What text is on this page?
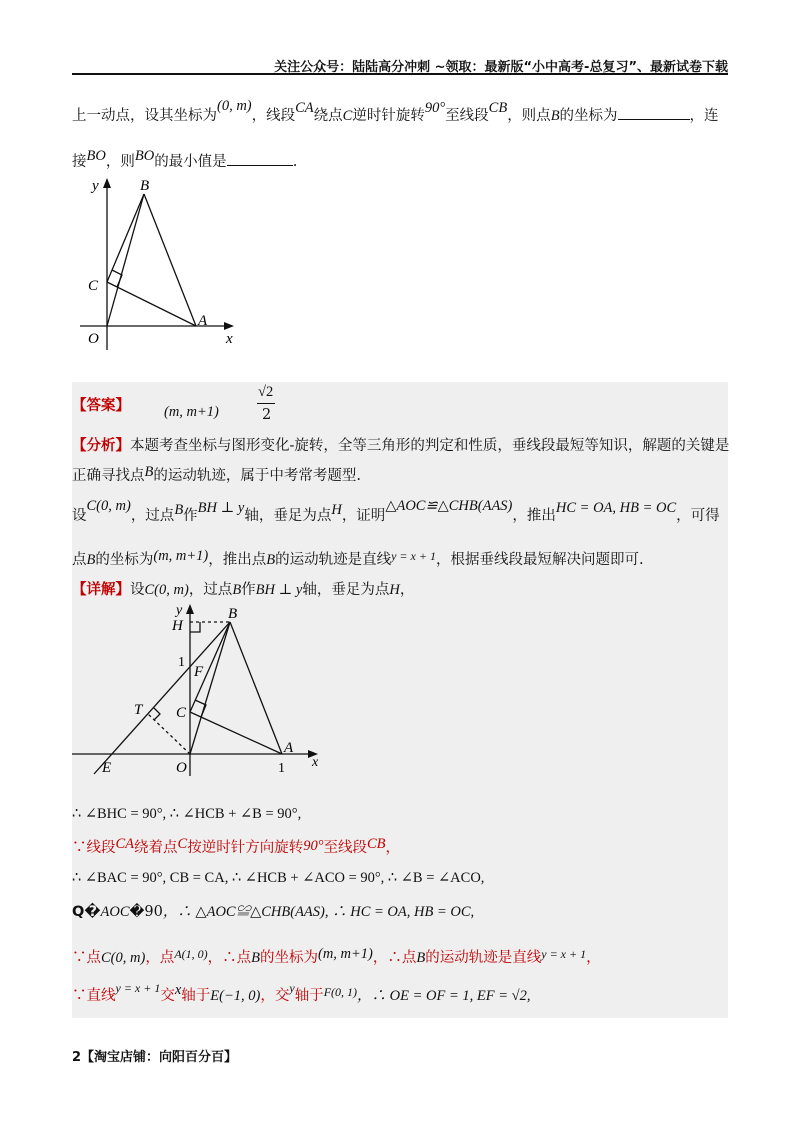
关注公众号：陆陆高分冲刺 ~领取：最新版“小中高考-总复习”、最新试卷下载
上一动点，设其坐标为(0, m)，线段CA绕点C逆时针旋转90°至线段CB，则点B的坐标为	，连
接BO，则BO的最小值是	.
y	B
C
A
O	x
【答案】 (m, m+1)
√2
2
【分析】本题考查坐标与图形变化-旋转，全等三角形的判定和性质，垂线段最短等知识，解题的关键是
正确寻找点B的运动轨迹，属于中考常考题型.
设C(0, m)，过点B作BH ⊥ y轴，垂足为点H，证明△AOC≌△CHB(AAS)，推出HC = OA, HB = OC，可得
点B的坐标为(m, m+1)，推出点B的运动轨迹是直线$^{y = x + 1}$，根据垂线段最短解决问题即可.
【详解】设C(0, m)，过点B作BH ⊥ y轴，垂足为点H，
y	B
H
1
F
T C
A
E	O	1 x
∴ ∠BHC = 90°, ∴ ∠HCB + ∠B = 90°,
∵线段CA绕着点C按逆时针方向旋转90°至线段CB，
∴ ∠BAC = 90°, CB = CA, ∴ ∠HCB + ∠ACO = 90°, ∴ ∠B = ∠ACO,
Q�AOC�90，∴ △AOC≌△CHB(AAS), ∴ HC = OA, HB = OC,
∵点C(0, m)，点$^{A(1, 0)}$，∴点B的坐标为(m, m+1)，∴点B的运动轨迹是直线$^{y = x + 1}$，
∵直线$^{y = x + 1}$交x轴于E(−1, 0)，交$^y$轴于$^{F(0, 1)}$，∴ OE = OF = 1, EF = √2,
2【淘宝店铺：向阳百分百】
